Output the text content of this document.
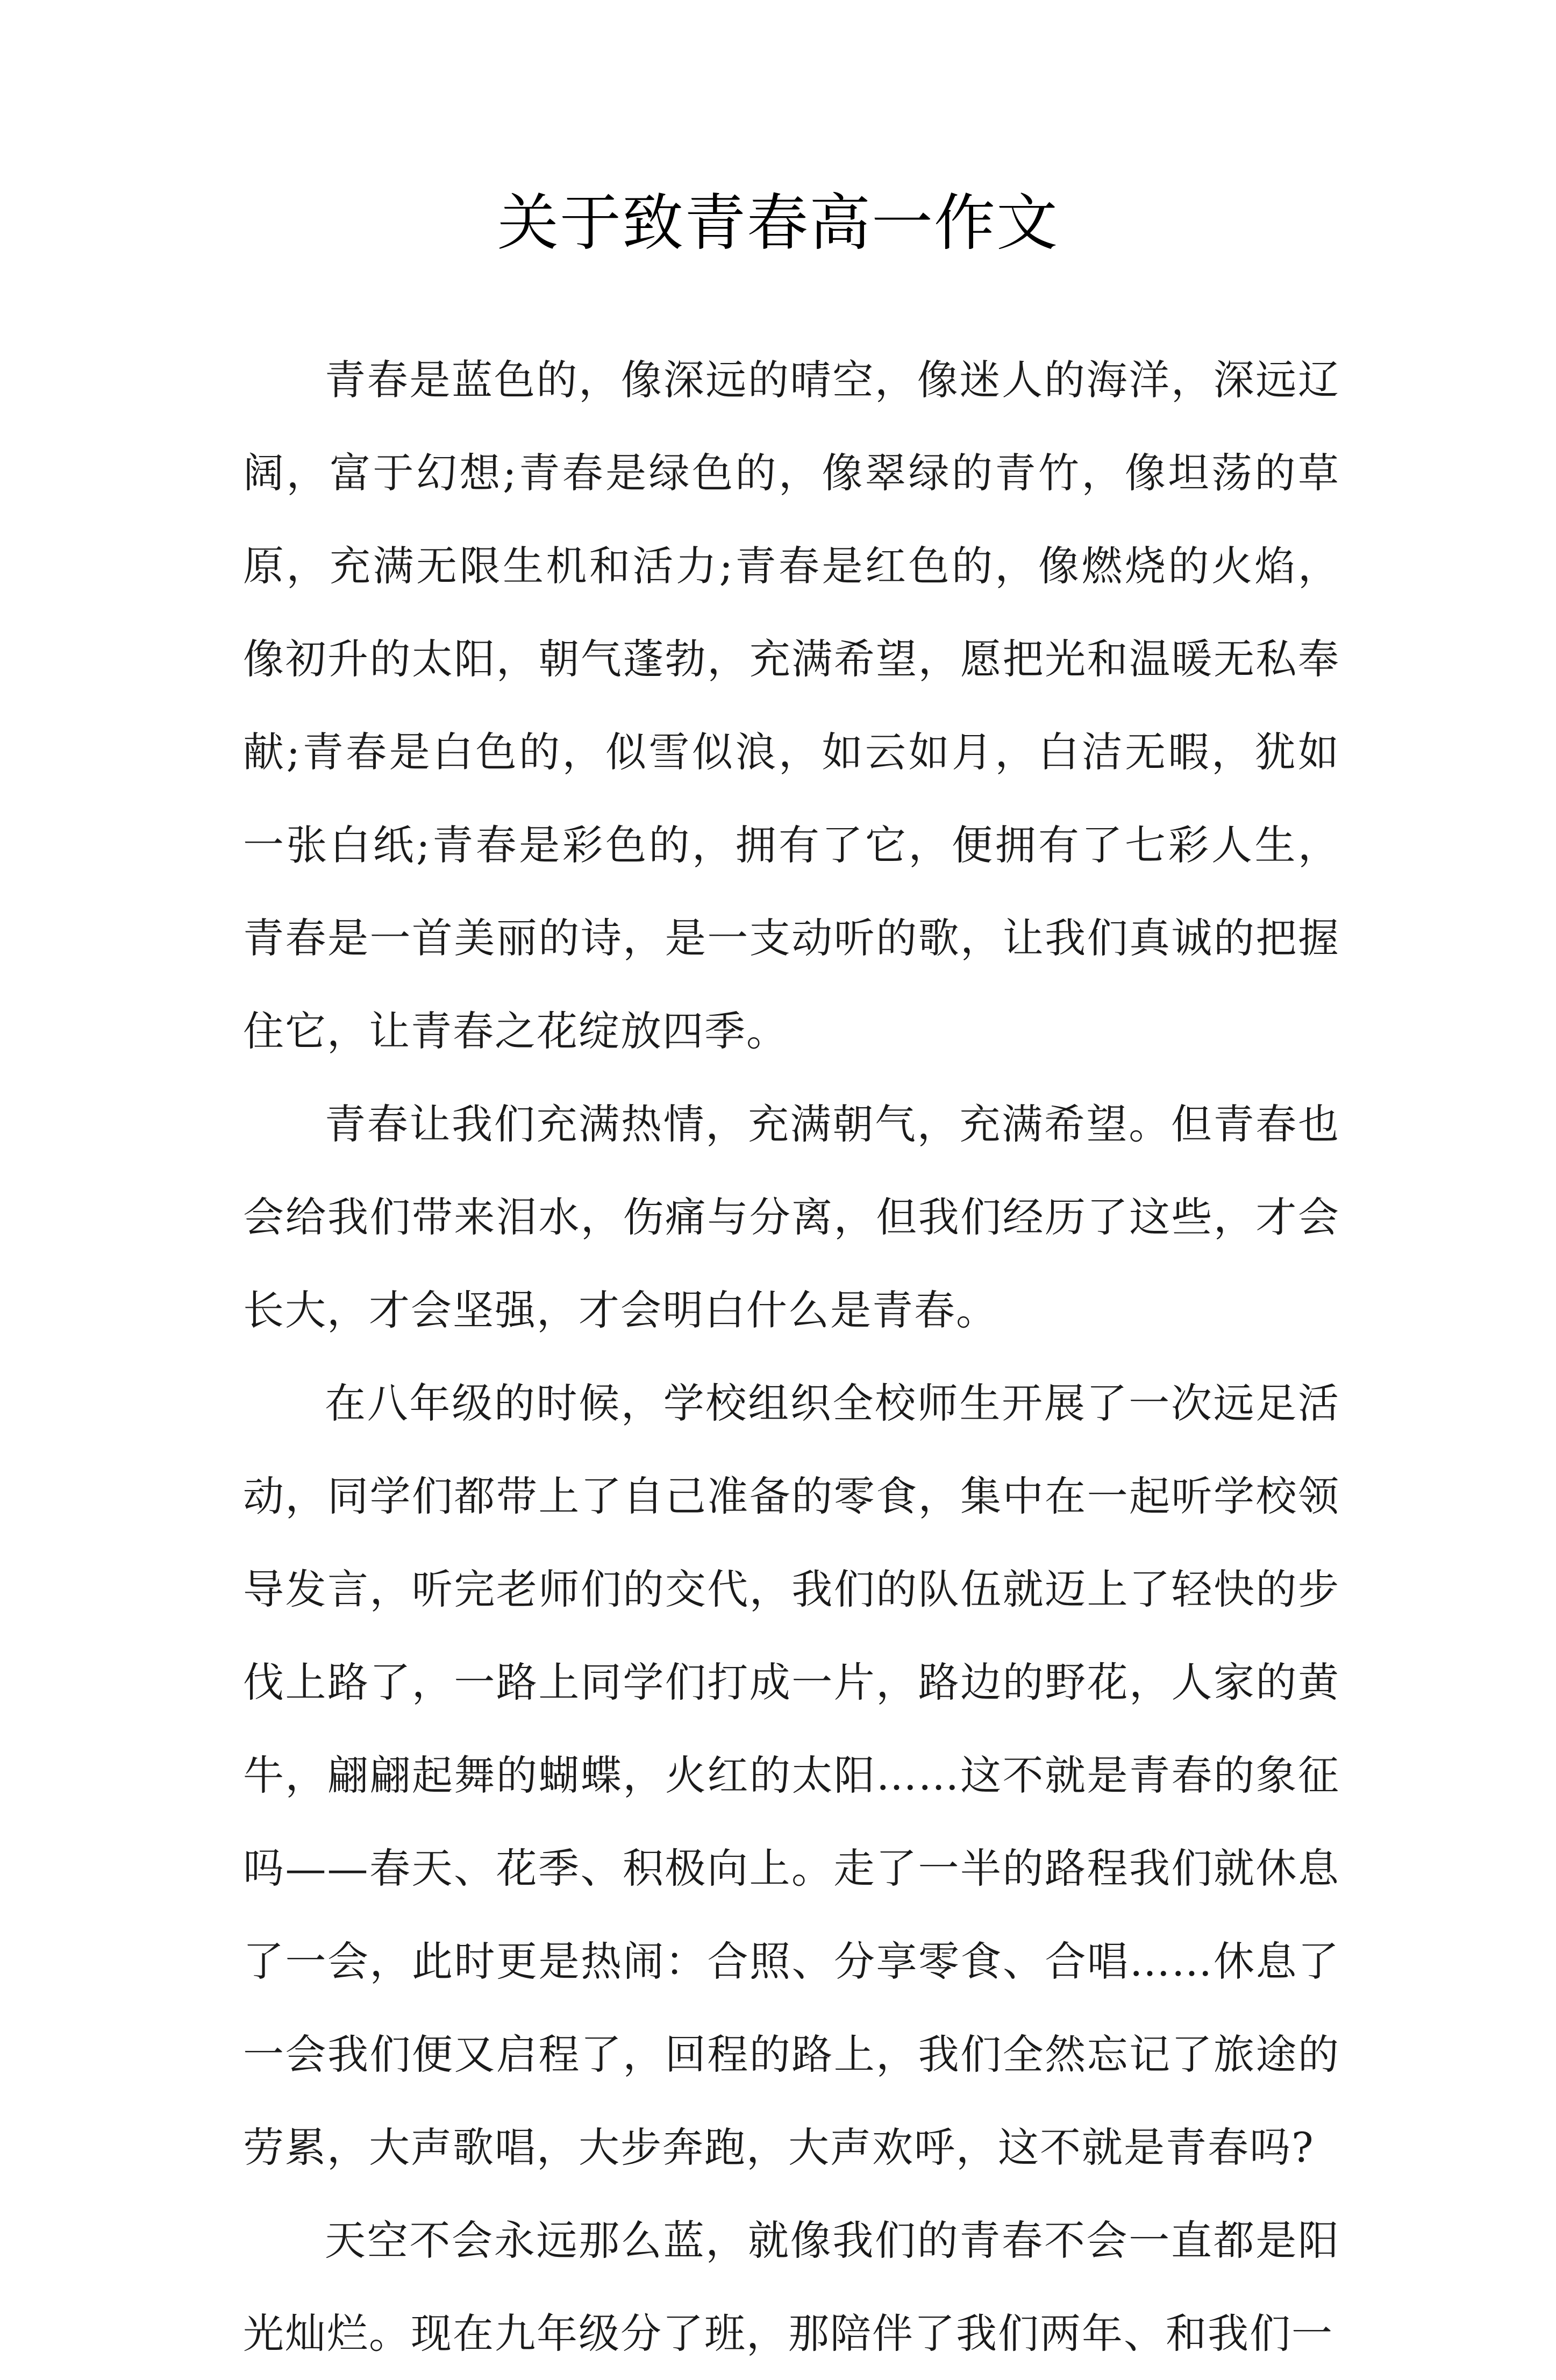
关于致青春高一作文

青春是蓝色的，像深远的晴空，像迷人的海洋，深远辽阔，富于幻想;青春是绿色的，像翠绿的青竹，像坦荡的草原，充满无限生机和活力;青春是红色的，像燃烧的火焰，像初升的太阳，朝气蓬勃，充满希望，愿把光和温暖无私奉献;青春是白色的，似雪似浪，如云如月，白洁无暇，犹如一张白纸;青春是彩色的，拥有了它，便拥有了七彩人生，青春是一首美丽的诗，是一支动听的歌，让我们真诚的把握住它，让青春之花绽放四季。

青春让我们充满热情，充满朝气，充满希望。但青春也会给我们带来泪水，伤痛与分离，但我们经历了这些，才会长大，才会坚强，才会明白什么是青春。

在八年级的时候，学校组织全校师生开展了一次远足活动，同学们都带上了自己准备的零食，集中在一起听学校领导发言，听完老师们的交代，我们的队伍就迈上了轻快的步伐上路了，一路上同学们打成一片，路边的野花，人家的黄牛，翩翩起舞的蝴蝶，火红的太阳……这不就是青春的象征吗——春天、花季、积极向上。走了一半的路程我们就休息了一会，此时更是热闹：合照、分享零食、合唱……休息了一会我们便又启程了，回程的路上，我们全然忘记了旅途的劳累，大声歌唱，大步奔跑，大声欢呼，这不就是青春吗?

天空不会永远那么蓝，就像我们的青春不会一直都是阳光灿烂。现在九年级分了班，那陪伴了我们两年、和我们一
